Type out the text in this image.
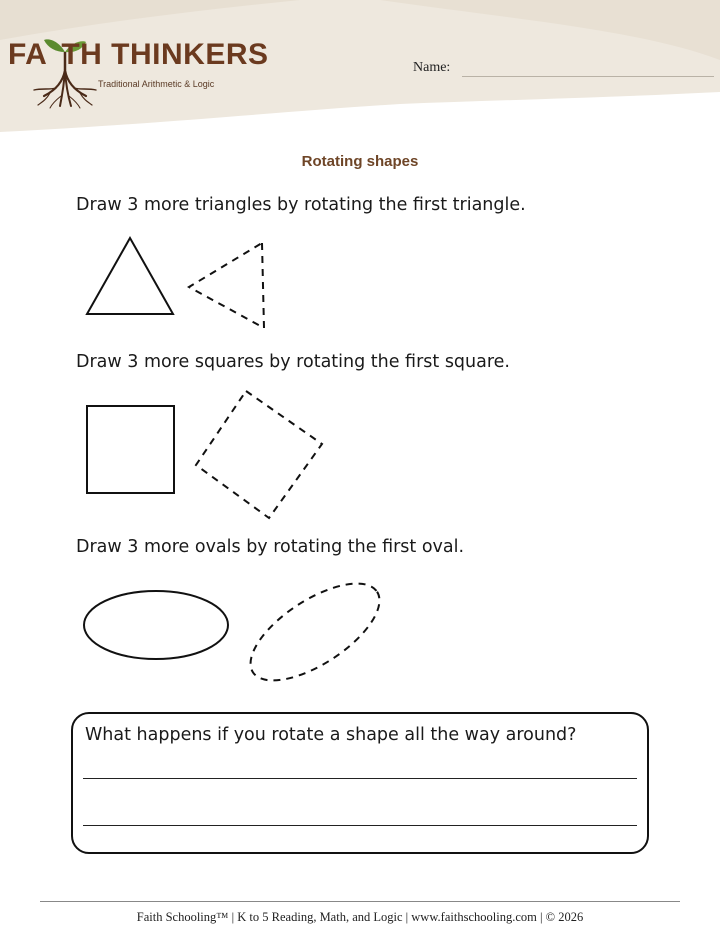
FA TH THINKERS
Traditional Arithmetic & Logic
Name:
Rotating shapes
Draw 3 more triangles by rotating the first triangle.
Draw 3 more squares by rotating the first square.
Draw 3 more ovals by rotating the first oval.
What happens if you rotate a shape all the way around?
Faith Schooling™ | K to 5 Reading, Math, and Logic | www.faithschooling.com | © 2026
